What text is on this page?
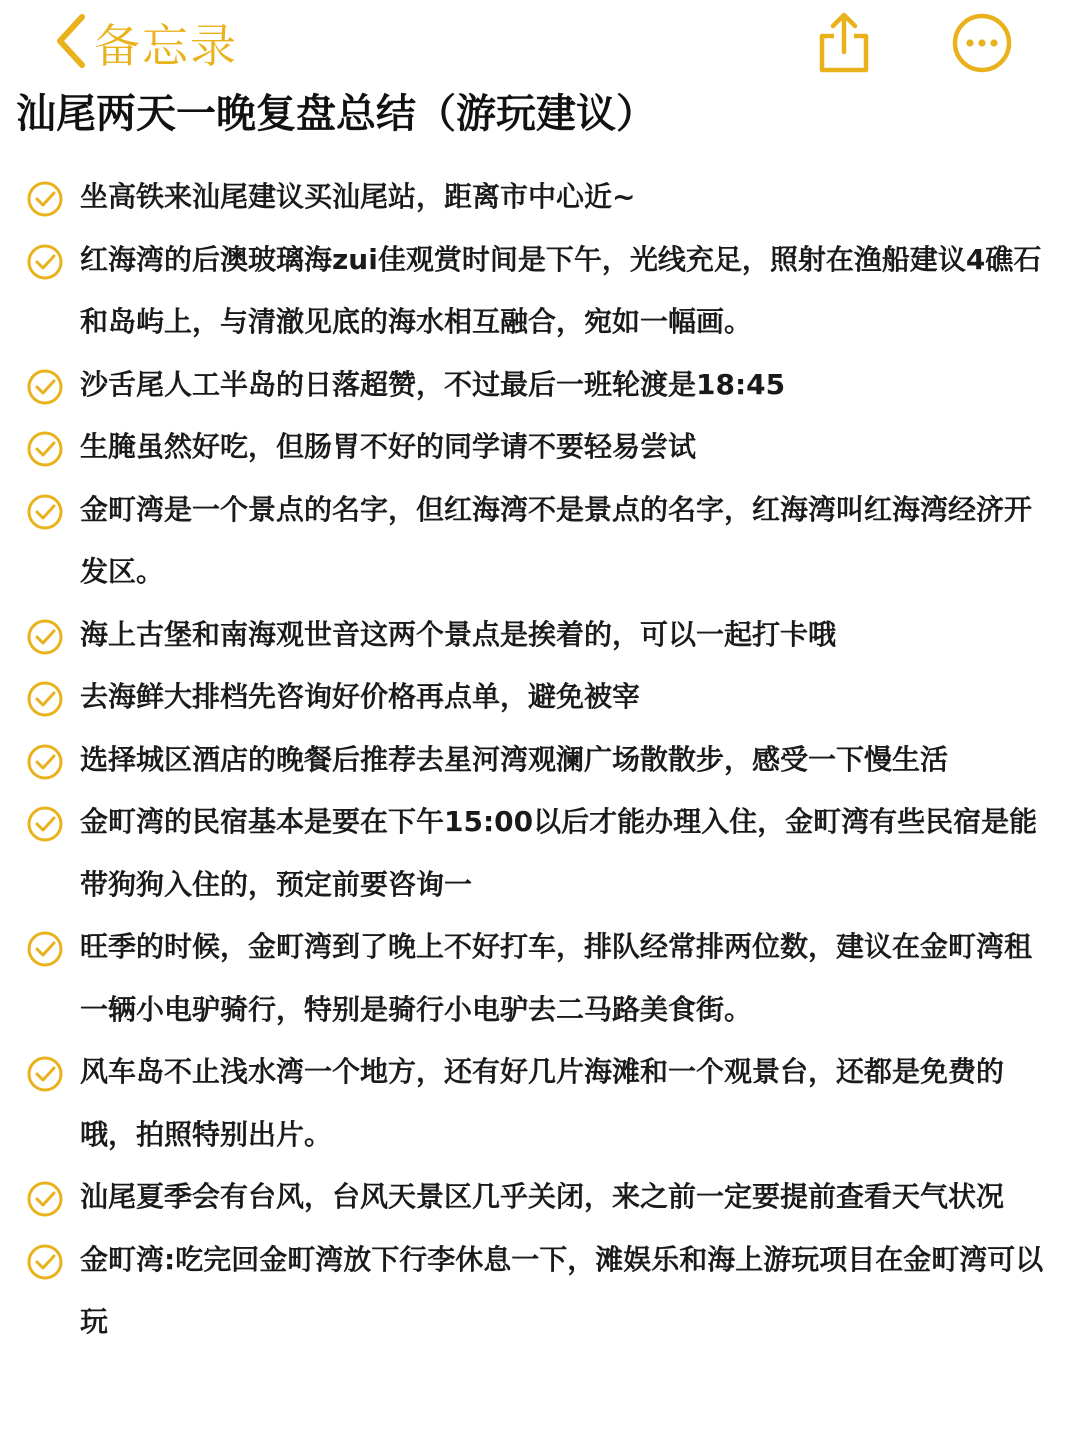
备忘录
汕尾两天一晚复盘总结（游玩建议）
坐高铁来汕尾建议买汕尾站，距离市中心近~
红海湾的后澳玻璃海zui佳观赏时间是下午，光线充足，照射在渔船建议4礁石和岛屿上，与清澈见底的海水相互融合，宛如一幅画。
沙舌尾人工半岛的日落超赞，不过最后一班轮渡是18:45
生腌虽然好吃，但肠胃不好的同学请不要轻易尝试
金町湾是一个景点的名字，但红海湾不是景点的名字，红海湾叫红海湾经济开发区。
海上古堡和南海观世音这两个景点是挨着的，可以一起打卡哦
去海鲜大排档先咨询好价格再点单，避免被宰
选择城区酒店的晚餐后推荐去星河湾观澜广场散散步，感受一下慢生活
金町湾的民宿基本是要在下午15:00以后才能办理入住，金町湾有些民宿是能带狗狗入住的，预定前要咨询一
旺季的时候，金町湾到了晚上不好打车，排队经常排两位数，建议在金町湾租一辆小电驴骑行，特别是骑行小电驴去二马路美食街。
风车岛不止浅水湾一个地方，还有好几片海滩和一个观景台，还都是免费的哦，拍照特别出片。
汕尾夏季会有台风，台风天景区几乎关闭，来之前一定要提前查看天气状况
金町湾:吃完回金町湾放下行李休息一下，滩娱乐和海上游玩项目在金町湾可以玩
